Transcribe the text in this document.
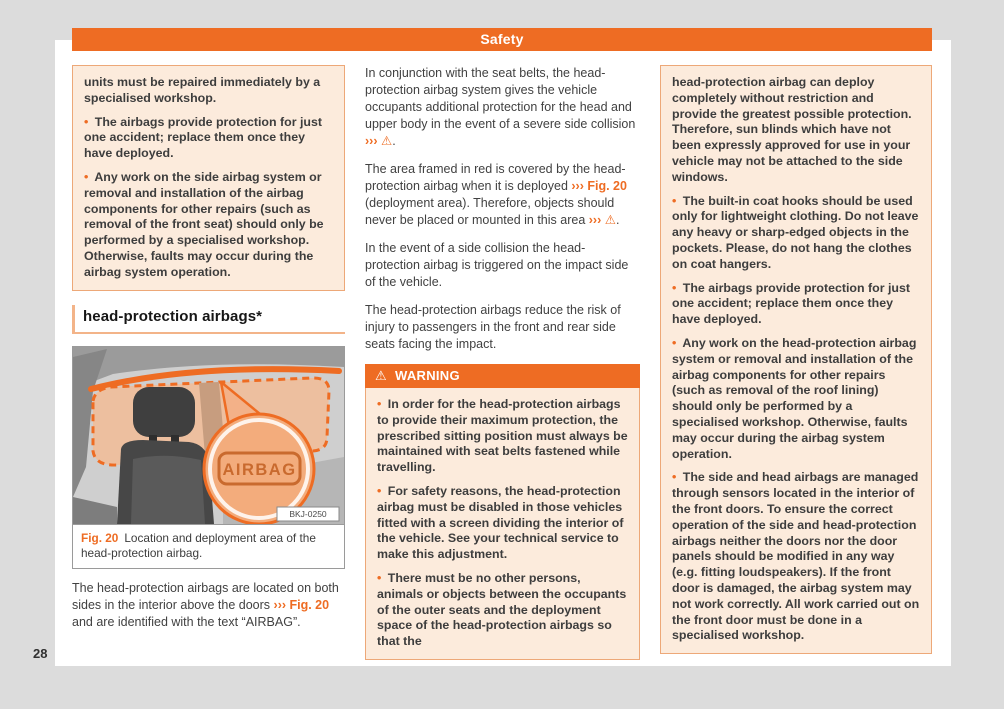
Safety
28

units must be repaired immediately by a specialised workshop.

• The airbags provide protection for just one accident; replace them once they have deployed.

• Any work on the side airbag system or removal and installation of the airbag components for other repairs (such as removal of the front seat) should only be performed by a specialised workshop. Otherwise, faults may occur during the airbag system operation.

head-protection airbags*
AIRBAG
BKJ-0250
Fig. 20 Location and deployment area of the head-protection airbag.

The head-protection airbags are located on both sides in the interior above the doors ››› Fig. 20 and are identified with the text “AIRBAG”.

In conjunction with the seat belts, the head-protection airbag system gives the vehicle occupants additional protection for the head and upper body in the event of a severe side collision ››› ⚠.

The area framed in red is covered by the head-protection airbag when it is deployed ››› Fig. 20 (deployment area). Therefore, objects should never be placed or mounted in this area ››› ⚠.

In the event of a side collision the head-protection airbag is triggered on the impact side of the vehicle.

The head-protection airbags reduce the risk of injury to passengers in the front and rear side seats facing the impact.

⚠ WARNING

• In order for the head-protection airbags to provide their maximum protection, the prescribed sitting position must always be maintained with seat belts fastened while travelling.

• For safety reasons, the head-protection airbag must be disabled in those vehicles fitted with a screen dividing the interior of the vehicle. See your technical service to make this adjustment.

• There must be no other persons, animals or objects between the occupants of the outer seats and the deployment space of the head-protection airbags so that the

head-protection airbag can deploy completely without restriction and provide the greatest possible protection. Therefore, sun blinds which have not been expressly approved for use in your vehicle may not be attached to the side windows.

• The built-in coat hooks should be used only for lightweight clothing. Do not leave any heavy or sharp-edged objects in the pockets. Please, do not hang the clothes on coat hangers.

• The airbags provide protection for just one accident; replace them once they have deployed.

• Any work on the head-protection airbag system or removal and installation of the airbag components for other repairs (such as removal of the roof lining) should only be performed by a specialised workshop. Otherwise, faults may occur during the airbag system operation.

• The side and head airbags are managed through sensors located in the interior of the front doors. To ensure the correct operation of the side and head-protection airbags neither the doors nor the door panels should be modified in any way (e.g. fitting loudspeakers). If the front door is damaged, the airbag system may not work correctly. All work carried out on the front door must be done in a specialised workshop.
